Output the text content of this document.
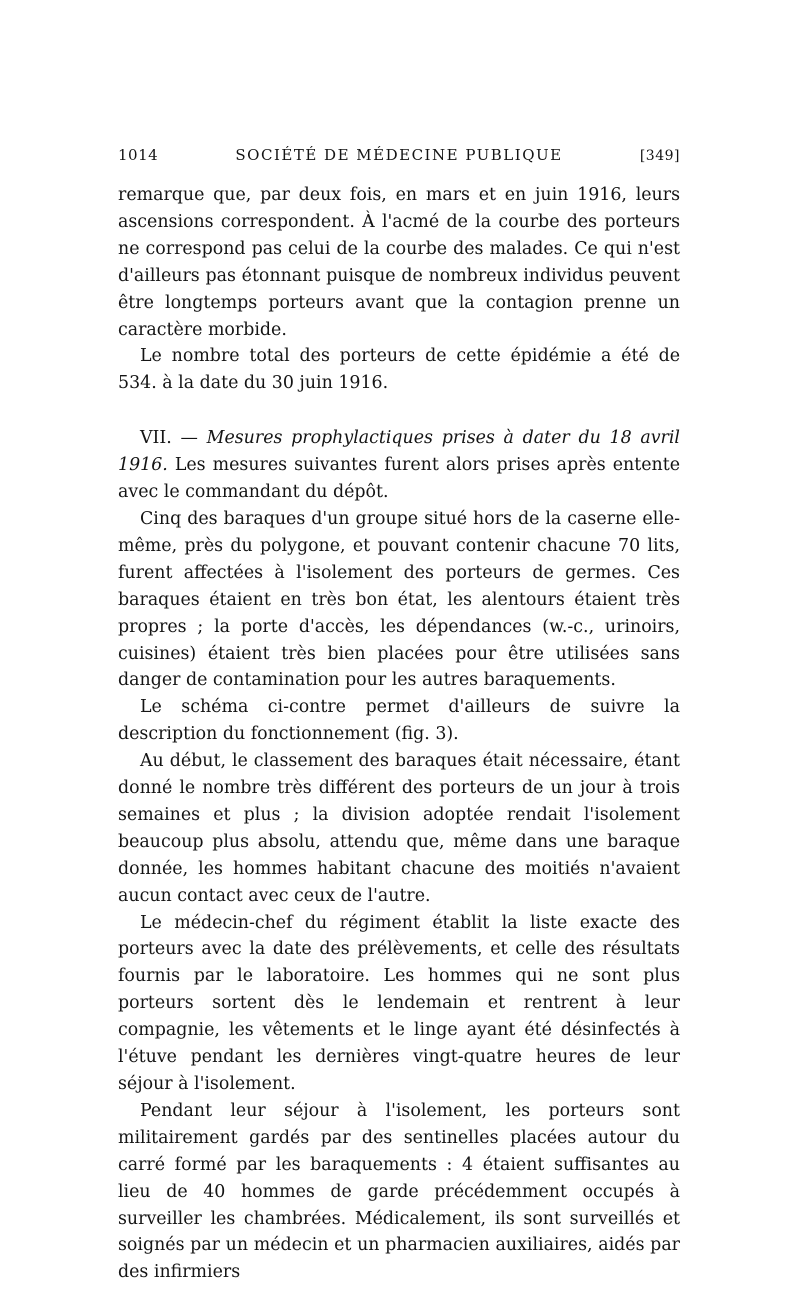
1014	SOCIÉTÉ DE MÉDECINE PUBLIQUE	[349]

remarque que, par deux fois, en mars et en juin 1916, leurs ascensions correspondent. À l'acmé de la courbe des porteurs ne correspond pas celui de la courbe des malades. Ce qui n'est d'ailleurs pas étonnant puisque de nombreux individus peuvent être longtemps porteurs avant que la contagion prenne un caractère morbide.

Le nombre total des porteurs de cette épidémie a été de 534. à la date du 30 juin 1916.

VII. — Mesures prophylactiques prises à dater du 18 avril 1916. Les mesures suivantes furent alors prises après entente avec le commandant du dépôt.

Cinq des baraques d'un groupe situé hors de la caserne elle-même, près du polygone, et pouvant contenir chacune 70 lits, furent affectées à l'isolement des porteurs de germes. Ces baraques étaient en très bon état, les alentours étaient très propres ; la porte d'accès, les dépendances (w.-c., urinoirs, cuisines) étaient très bien placées pour être utilisées sans danger de contamination pour les autres baraquements.

Le schéma ci-contre permet d'ailleurs de suivre la description du fonctionnement (fig. 3).

Au début, le classement des baraques était nécessaire, étant donné le nombre très différent des porteurs de un jour à trois semaines et plus ; la division adoptée rendait l'isolement beaucoup plus absolu, attendu que, même dans une baraque donnée, les hommes habitant chacune des moitiés n'avaient aucun contact avec ceux de l'autre.

Le médecin-chef du régiment établit la liste exacte des porteurs avec la date des prélèvements, et celle des résultats fournis par le laboratoire. Les hommes qui ne sont plus porteurs sortent dès le lendemain et rentrent à leur compagnie, les vêtements et le linge ayant été désinfectés à l'étuve pendant les dernières vingt-quatre heures de leur séjour à l'isolement.

Pendant leur séjour à l'isolement, les porteurs sont militairement gardés par des sentinelles placées autour du carré formé par les baraquements : 4 étaient suffisantes au lieu de 40 hommes de garde précédemment occupés à surveiller les chambrées. Médicalement, ils sont surveillés et soignés par un médecin et un pharmacien auxiliaires, aidés par des infirmiers
